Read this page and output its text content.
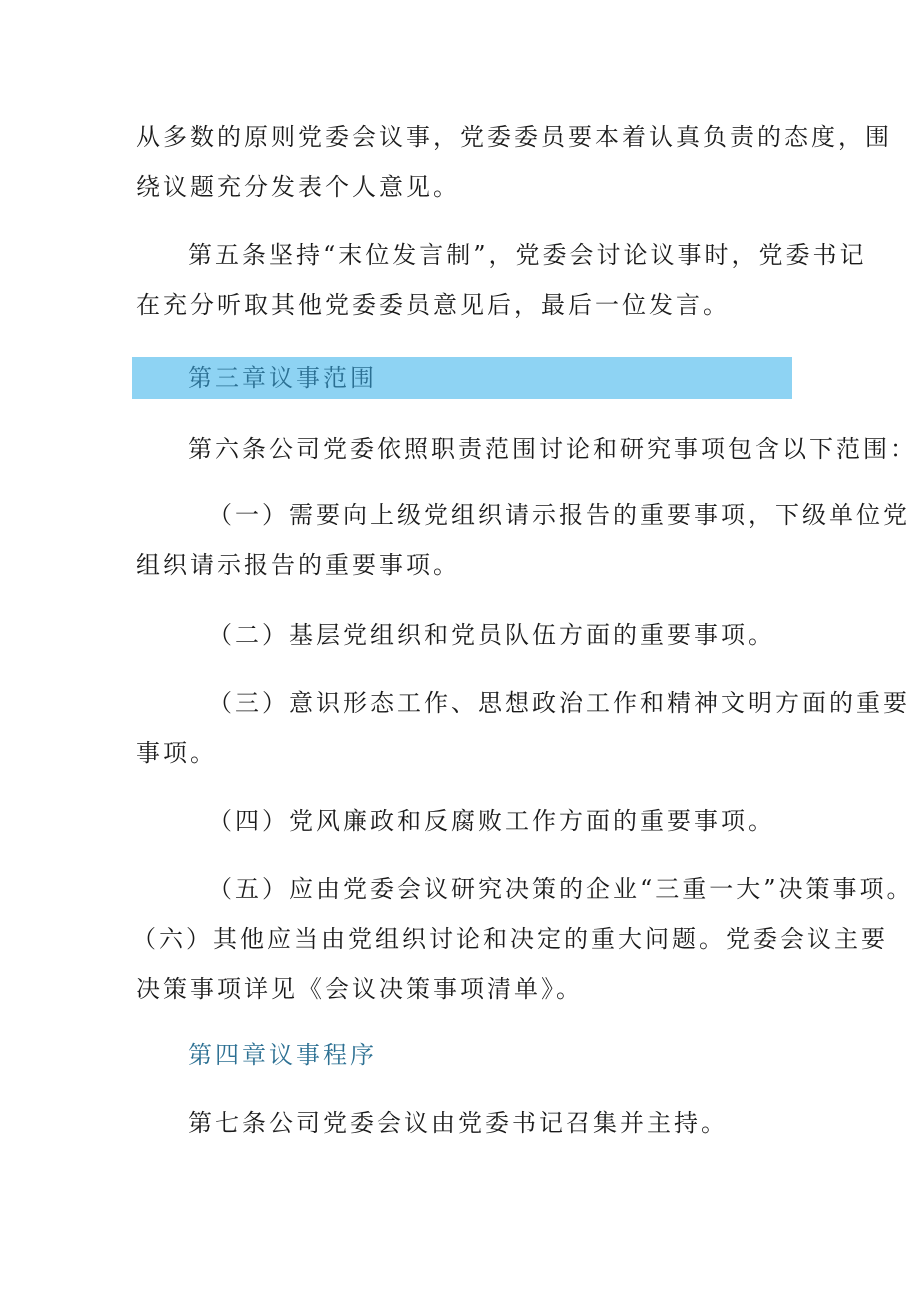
从多数的原则党委会议事，党委委员要本着认真负责的态度，围
绕议题充分发表个人意见。
第五条坚持“末位发言制”，党委会讨论议事时，党委书记
在充分听取其他党委委员意见后，最后一位发言。
第三章议事范围
第六条公司党委依照职责范围讨论和研究事项包含以下范围：
（一）需要向上级党组织请示报告的重要事项，下级单位党
组织请示报告的重要事项。
（二）基层党组织和党员队伍方面的重要事项。
（三）意识形态工作、思想政治工作和精神文明方面的重要
事项。
（四）党风廉政和反腐败工作方面的重要事项。
（五）应由党委会议研究决策的企业“三重一大”决策事项。
（六）其他应当由党组织讨论和决定的重大问题。党委会议主要
决策事项详见《会议决策事项清单》。
第四章议事程序
第七条公司党委会议由党委书记召集并主持。
